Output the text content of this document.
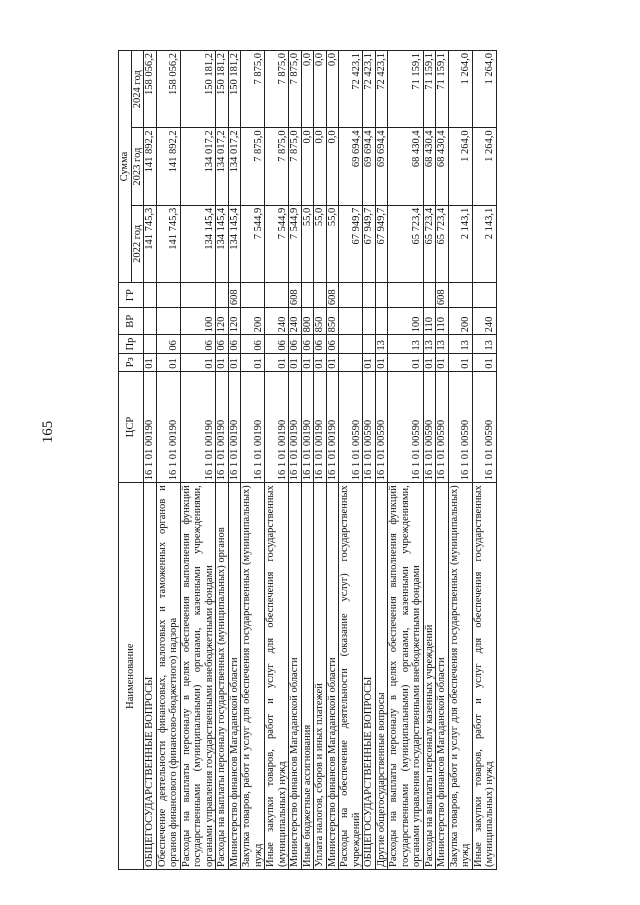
165
Наименование	ЦСР	Рз	Пр	ВР	ГР	Сумма		
						2022 год	2023 год	2024 год
ОБЩЕГОСУДАРСТВЕННЫЕ ВОПРОСЫ	16 1 01 00190	01				141 745,3	141 892,2	158 056,2
Обеспечение деятельности финансовых, налоговых и таможенных органов и органов финансового (финансово-бюджетного) надзора	16 1 01 00190	01	06			141 745,3	141 892,2	158 056,2
Расходы на выплаты персоналу в целях обеспечения выполнения функций государственными (муниципальными) органами, казенными учреждениями, органами управления государственными внебюджетными фондами	16 1 01 00190	01	06	100		134 145,4	134 017,2	150 181,2
Расходы на выплаты персоналу государственных (муниципальных) органов	16 1 01 00190	01	06	120		134 145,4	134 017,2	150 181,2
Министерство финансов Магаданской области	16 1 01 00190	01	06	120	608	134 145,4	134 017,2	150 181,2
Закупка товаров, работ и услуг для обеспечения государственных (муниципальных) нужд	16 1 01 00190	01	06	200		7 544,9	7 875,0	7 875,0
Иные закупки товаров, работ и услуг для обеспечения государственных (муниципальных) нужд	16 1 01 00190	01	06	240		7 544,9	7 875,0	7 875,0
Министерство финансов Магаданской области	16 1 01 00190	01	06	240	608	7 544,9	7 875,0	7 875,0
Иные бюджетные ассигнования	16 1 01 00190	01	06	800		55,0	0,0	0,0
Уплата налогов, сборов и иных платежей	16 1 01 00190	01	06	850		55,0	0,0	0,0
Министерство финансов Магаданской области	16 1 01 00190	01	06	850	608	55,0	0,0	0,0
Расходы на обеспечение деятельности (оказание услуг) государственных учреждений	16 1 01 00590					67 949,7	69 694,4	72 423,1
ОБЩЕГОСУДАРСТВЕННЫЕ ВОПРОСЫ	16 1 01 00590	01				67 949,7	69 694,4	72 423,1
Другие общегосударственные вопросы	16 1 01 00590	01	13			67 949,7	69 694,4	72 423,1
Расходы на выплаты персоналу в целях обеспечения выполнения функций государственными (муниципальными) органами, казенными учреждениями, органами управления государственными внебюджетными фондами	16 1 01 00590	01	13	100		65 723,4	68 430,4	71 159,1
Расходы на выплаты персоналу казенных учреждений	16 1 01 00590	01	13	110		65 723,4	68 430,4	71 159,1
Министерство финансов Магаданской области	16 1 01 00590	01	13	110	608	65 723,4	68 430,4	71 159,1
Закупка товаров, работ и услуг для обеспечения государственных (муниципальных) нужд	16 1 01 00590	01	13	200		2 143,1	1 264,0	1 264,0
Иные закупки товаров, работ и услуг для обеспечения государственных (муниципальных) нужд	16 1 01 00590	01	13	240		2 143,1	1 264,0	1 264,0
